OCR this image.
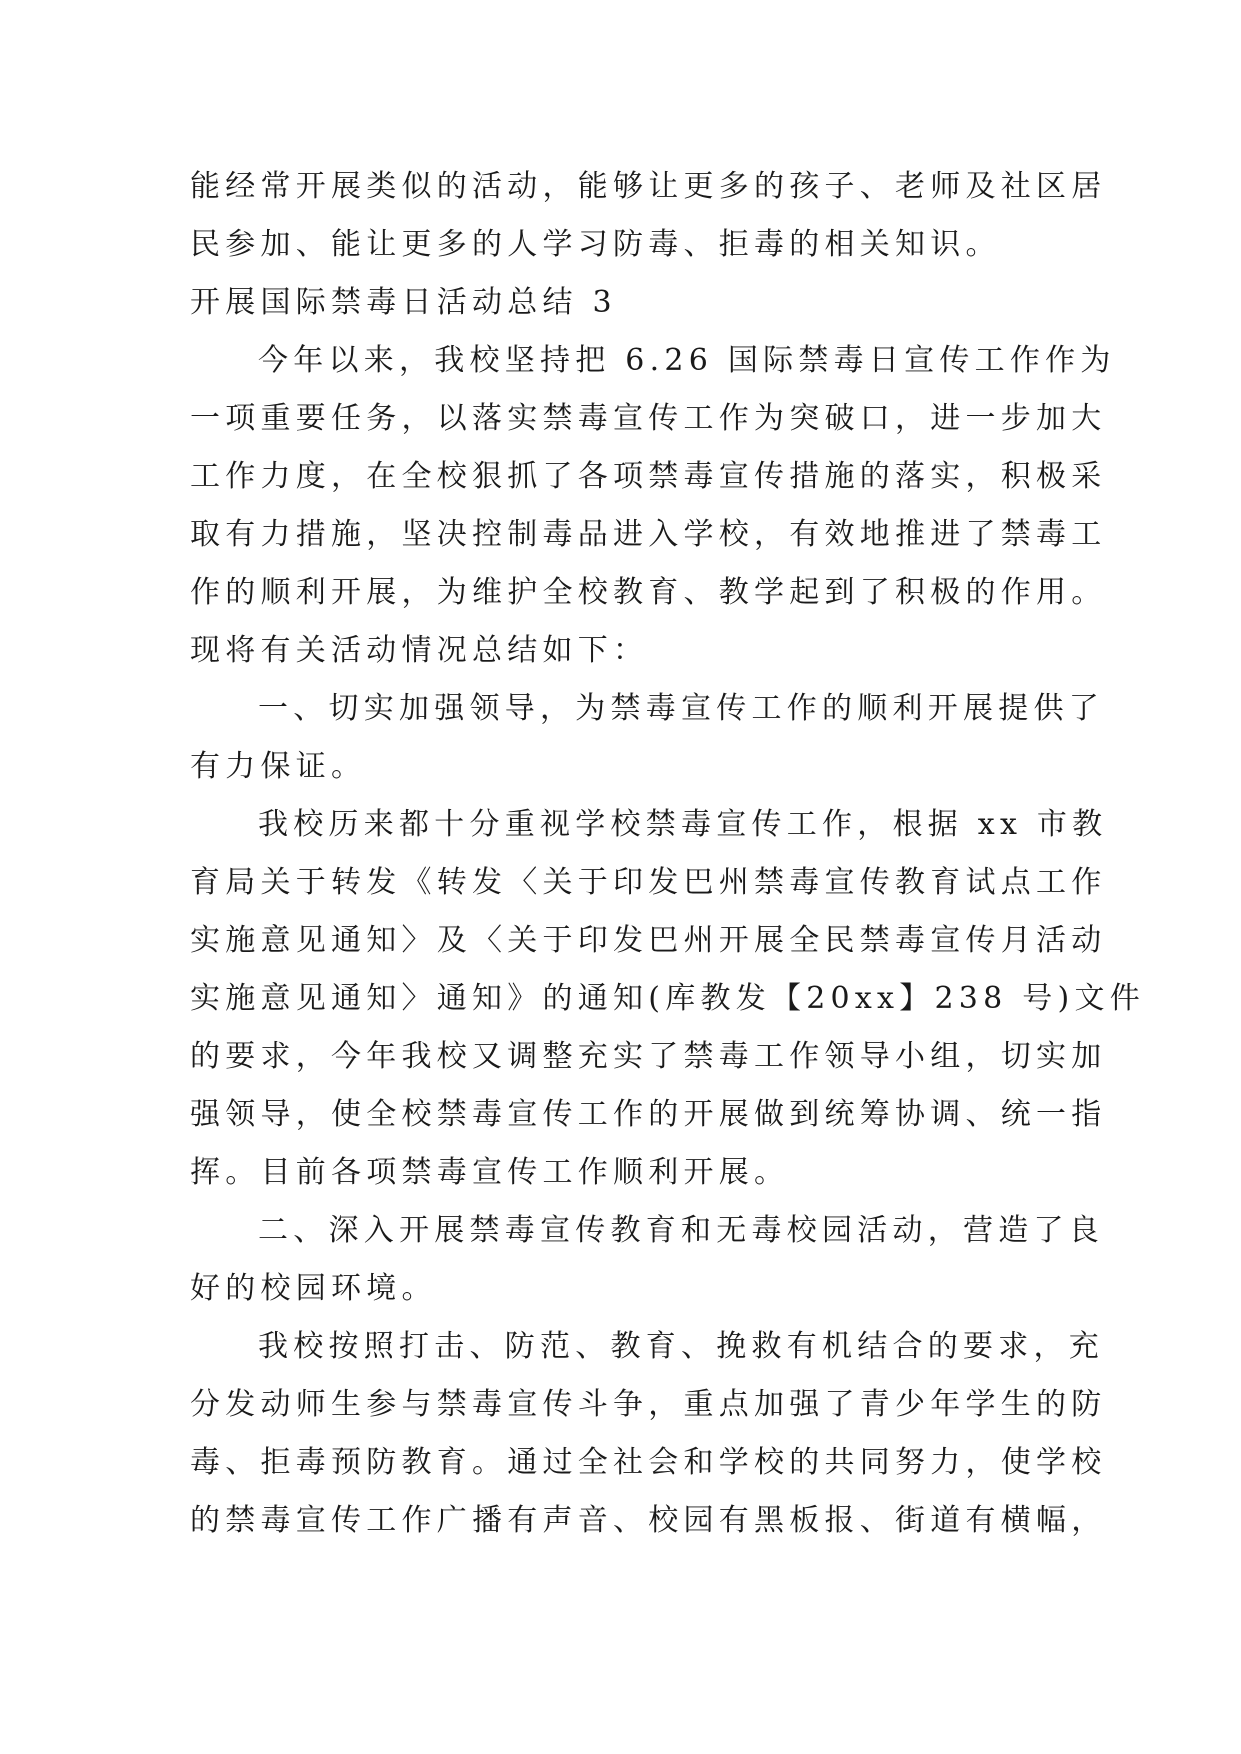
能经常开展类似的活动，能够让更多的孩子、老师及社区居
民参加、能让更多的人学习防毒、拒毒的相关知识。
开展国际禁毒日活动总结 3
今年以来，我校坚持把 6.26 国际禁毒日宣传工作作为
一项重要任务，以落实禁毒宣传工作为突破口，进一步加大
工作力度，在全校狠抓了各项禁毒宣传措施的落实，积极采
取有力措施，坚决控制毒品进入学校，有效地推进了禁毒工
作的顺利开展，为维护全校教育、教学起到了积极的作用。
现将有关活动情况总结如下：
一、切实加强领导，为禁毒宣传工作的顺利开展提供了
有力保证。
我校历来都十分重视学校禁毒宣传工作，根据 xx 市教
育局关于转发《转发〈关于印发巴州禁毒宣传教育试点工作
实施意见通知〉及〈关于印发巴州开展全民禁毒宣传月活动
实施意见通知〉通知》的通知(库教发【20xx】238 号)文件
的要求，今年我校又调整充实了禁毒工作领导小组，切实加
强领导，使全校禁毒宣传工作的开展做到统筹协调、统一指
挥。目前各项禁毒宣传工作顺利开展。
二、深入开展禁毒宣传教育和无毒校园活动，营造了良
好的校园环境。
我校按照打击、防范、教育、挽救有机结合的要求，充
分发动师生参与禁毒宣传斗争，重点加强了青少年学生的防
毒、拒毒预防教育。通过全社会和学校的共同努力，使学校
的禁毒宣传工作广播有声音、校园有黑板报、街道有横幅，
